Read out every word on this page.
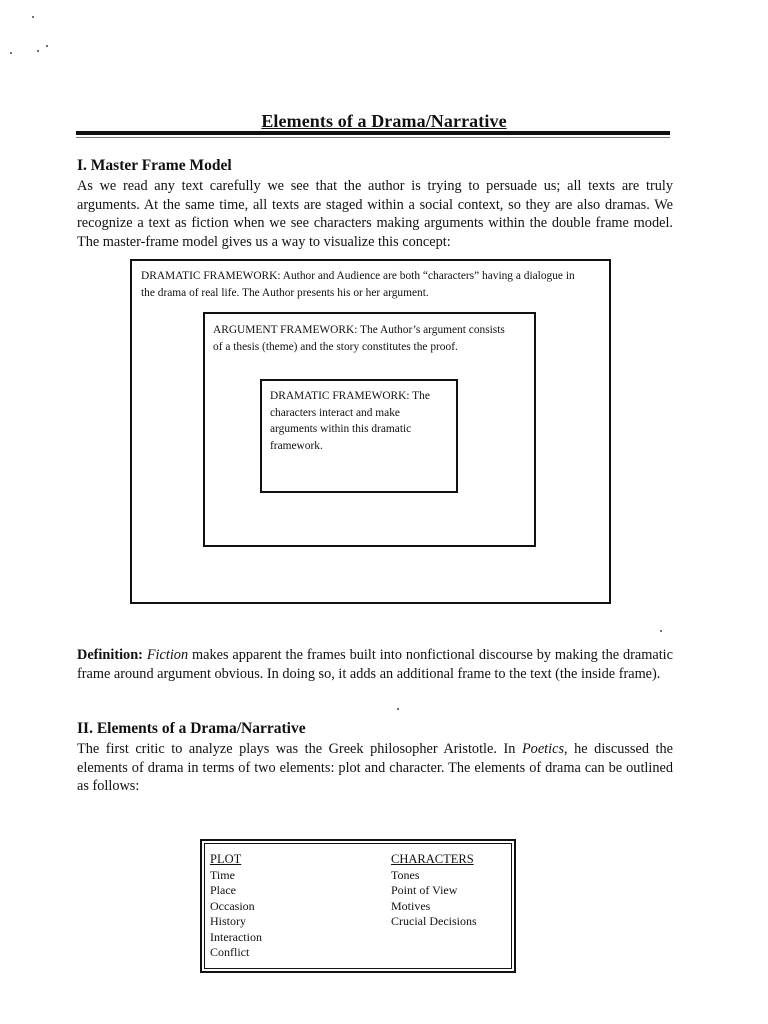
Elements of a Drama/Narrative
I. Master Frame Model

As we read any text carefully we see that the author is trying to persuade us; all texts are truly arguments. At the same time, all texts are staged within a social context, so they are also dramas. We recognize a text as fiction when we see characters making arguments within the double frame model. The master-frame model gives us a way to visualize this concept:

DRAMATIC FRAMEWORK: Author and Audience are both “characters” having a dialogue in the drama of real life. The Author presents his or her argument.
ARGUMENT FRAMEWORK: The Author’s argument consists of a thesis (theme) and the story constitutes the proof.
DRAMATIC FRAMEWORK: The characters interact and make arguments within this dramatic framework.

Definition: Fiction makes apparent the frames built into nonfictional discourse by making the dramatic frame around argument obvious. In doing so, it adds an additional frame to the text (the inside frame).

II. Elements of a Drama/Narrative

The first critic to analyze plays was the Greek philosopher Aristotle. In Poetics, he discussed the elements of drama in terms of two elements: plot and character. The elements of drama can be outlined as follows:

PLOT
Time
Place
Occasion
History
Interaction
Conflict
CHARACTERS
Tones
Point of View
Motives
Crucial Decisions
